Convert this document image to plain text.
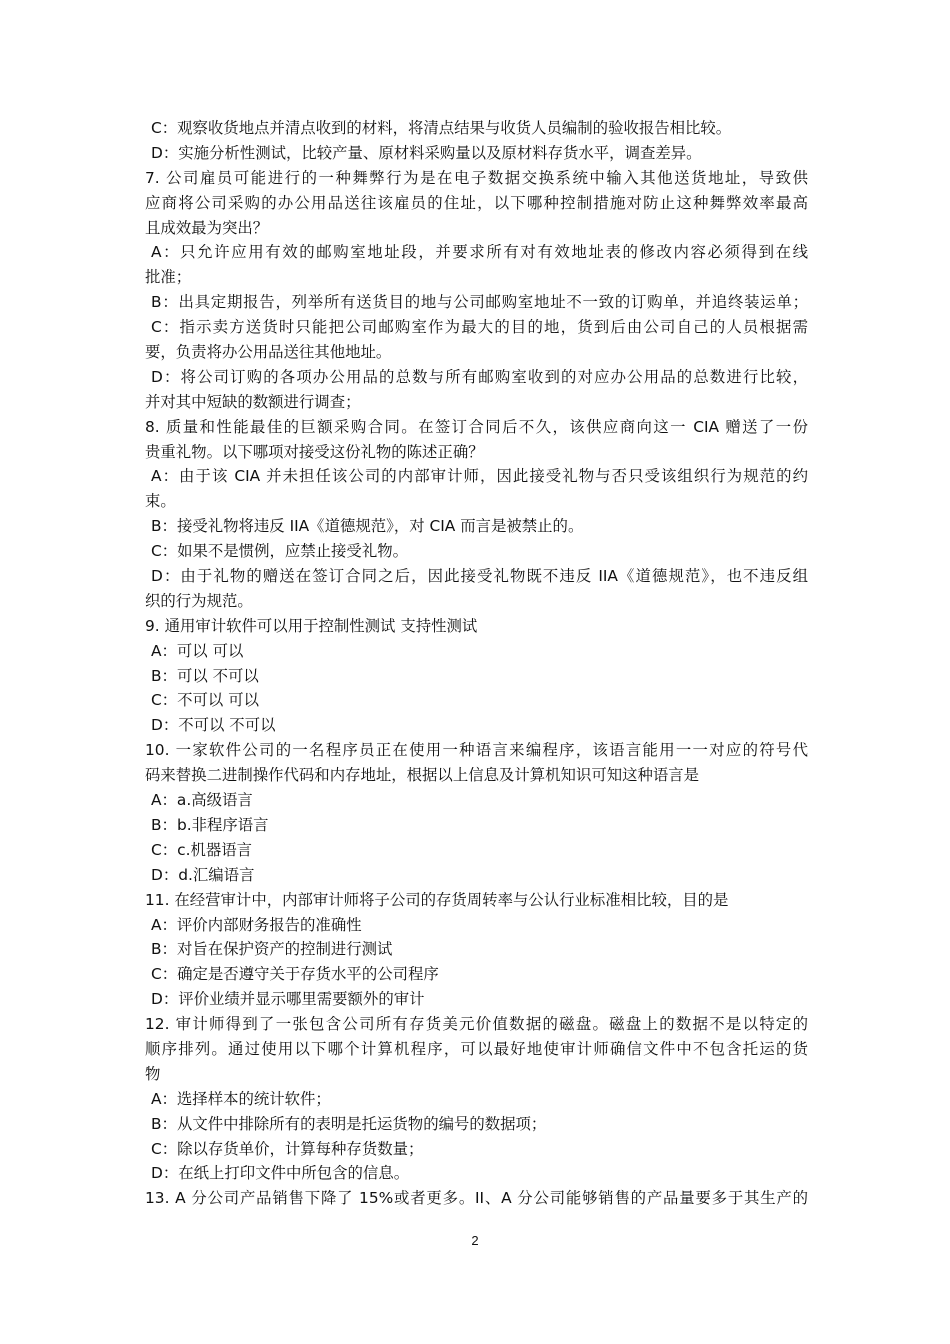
C：观察收货地点并清点收到的材料，将清点结果与收货人员编制的验收报告相比较。
D：实施分析性测试，比较产量、原材料采购量以及原材料存货水平，调查差异。
7. 公司雇员可能进行的一种舞弊行为是在电子数据交换系统中输入其他送货地址，导致供
应商将公司采购的办公用品送往该雇员的住址，以下哪种控制措施对防止这种舞弊效率最高
且成效最为突出？
A：只允许应用有效的邮购室地址段，并要求所有对有效地址表的修改内容必须得到在线
批准；
B：出具定期报告，列举所有送货目的地与公司邮购室地址不一致的订购单，并追终装运单；
C：指示卖方送货时只能把公司邮购室作为最大的目的地，货到后由公司自己的人员根据需
要，负责将办公用品送往其他地址。
D：将公司订购的各项办公用品的总数与所有邮购室收到的对应办公用品的总数进行比较，
并对其中短缺的数额进行调查；
8. 质量和性能最佳的巨额采购合同。在签订合同后不久，该供应商向这一 CIA 赠送了一份
贵重礼物。以下哪项对接受这份礼物的陈述正确？
A：由于该 CIA 并未担任该公司的内部审计师，因此接受礼物与否只受该组织行为规范的约
束。
B：接受礼物将违反 IIA《道德规范》，对 CIA 而言是被禁止的。
C：如果不是惯例，应禁止接受礼物。
D：由于礼物的赠送在签订合同之后，因此接受礼物既不违反 IIA《道德规范》，也不违反组
织的行为规范。
9. 通用审计软件可以用于控制性测试 支持性测试
A：可以 可以
B：可以 不可以
C：不可以 可以
D：不可以 不可以
10. 一家软件公司的一名程序员正在使用一种语言来编程序，该语言能用一一对应的符号代
码来替换二进制操作代码和内存地址，根据以上信息及计算机知识可知这种语言是
A：a.高级语言
B：b.非程序语言
C：c.机器语言
D：d.汇编语言
11. 在经营审计中，内部审计师将子公司的存货周转率与公认行业标准相比较，目的是
A：评价内部财务报告的准确性
B：对旨在保护资产的控制进行测试
C：确定是否遵守关于存货水平的公司程序
D：评价业绩并显示哪里需要额外的审计
12. 审计师得到了一张包含公司所有存货美元价值数据的磁盘。磁盘上的数据不是以特定的
顺序排列。通过使用以下哪个计算机程序，可以最好地使审计师确信文件中不包含托运的货
物
A：选择样本的统计软件；
B：从文件中排除所有的表明是托运货物的编号的数据项；
C：除以存货单价，计算每种存货数量；
D：在纸上打印文件中所包含的信息。
13. A 分公司产品销售下降了 15%或者更多。II、A 分公司能够销售的产品量要多于其生产的
2
